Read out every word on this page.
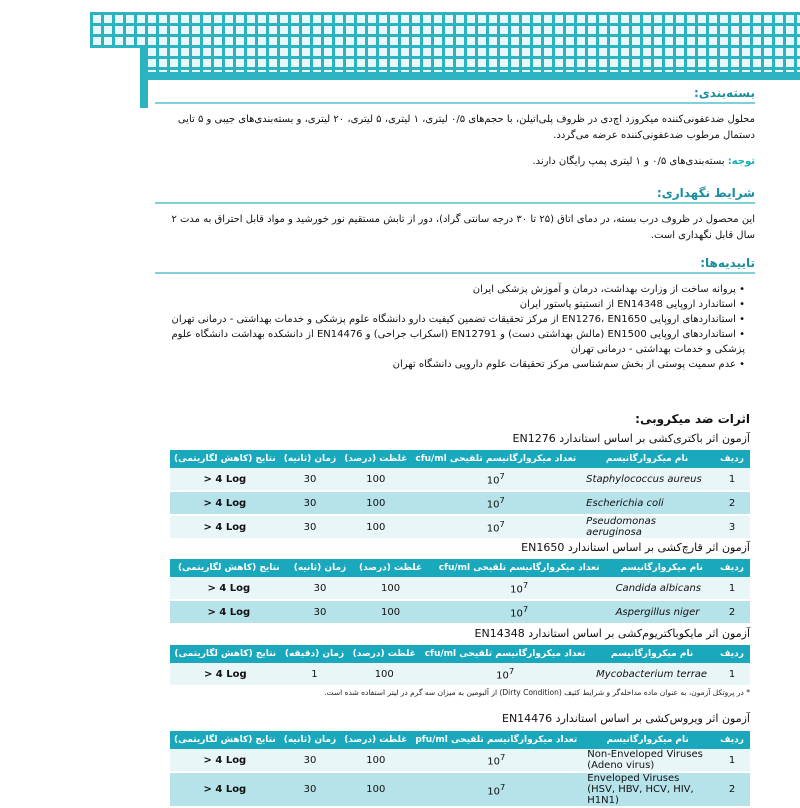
بسته‌بندی:
محلول ضدعفونی‌کننده میکروزد اچ‌دی در ظروف پلی‌اتیلن، با حجم‌های ۰/۵ لیتری، ۱ لیتری، ۵ لیتری، ۲۰ لیتری، و بسته‌بندی‌های جیبی و ۵ تایی دستمال مرطوب ضدعفونی‌کننده عرضه می‌گردد.
توجه: بسته‌بندی‌های ۰/۵ و ۱ لیتری پمپ رایگان دارند.
شرایط نگهداری:
این محصول در ظروف درب بسته، در دمای اتاق (۲۵ تا ۳۰ درجه سانتی گراد)، دور از تابش مستقیم نور خورشید و مواد قابل احتراق به مدت ۲ سال قابل نگهداری است.
تاییدیه‌ها:
• پروانه ساخت از وزارت بهداشت، درمان و آموزش پزشکی ایران
• استاندارد اروپایی EN14348 از انستیتو پاستور ایران
• استانداردهای اروپایی EN1276، EN1650 از مرکز تحقیقات تضمین کیفیت دارو دانشگاه علوم پزشکی و خدمات بهداشتی - درمانی تهران
• استانداردهای اروپایی EN1500 (مالش بهداشتی دست) و EN12791 (اسکراب جراحی) و EN14476 از دانشکده بهداشت دانشگاه علوم پزشکی و خدمات بهداشتی - درمانی تهران
• عدم سمیت پوستی از بخش سم‌شناسی مرکز تحقیقات علوم دارویی دانشگاه تهران
اثرات ضد میکروبی:
آزمون اثر باکتری‌کشی بر اساس استاندارد EN1276
ردیف	نام میکروارگانیسم	تعداد میکروارگانیسم تلقیحی cfu/ml	غلظت (درصد)	زمان (ثانیه)	نتایج (کاهش لگاریتمی)
1	Staphylococcus aureus	$10^7$	100	30	> 4 Log
2	Escherichia coli	$10^7$	100	30	> 4 Log
3	Pseudomonas aeruginosa	$10^7$	100	30	> 4 Log
آزمون اثر قارچ‌کشی بر اساس استاندارد EN1650
ردیف	نام میکروارگانیسم	تعداد میکروارگانیسم تلقیحی cfu/ml	غلظت (درصد)	زمان (ثانیه)	نتایج (کاهش لگاریتمی)
1	Candida albicans	$10^7$	100	30	> 4 Log
2	Aspergillus niger	$10^7$	100	30	> 4 Log
آزمون اثر مایکوباکتریوم‌کشی بر اساس استاندارد EN14348
ردیف	نام میکروارگانیسم	تعداد میکروارگانیسم تلقیحی cfu/ml	غلظت (درصد)	زمان (دقیقه)	نتایج (کاهش لگاریتمی)
1	Mycobacterium terrae	$10^7$	100	1	> 4 Log
* در پروتکل آزمون، به عنوان ماده مداخله‌گر و شرایط کثیف (Dirty Condition) از آلبومین به میزان سه گرم در لیتر استفاده شده است.
آزمون اثر ویروس‌کشی بر اساس استاندارد EN14476
ردیف	نام میکروارگانیسم	تعداد میکروارگانیسم تلقیحی pfu/ml	غلظت (درصد)	زمان (ثانیه)	نتایج (کاهش لگاریتمی)
1	Non-Enveloped Viruses (Adeno virus)	$10^7$	100	30	> 4 Log
2	Enveloped Viruses (HSV, HBV, HCV, HIV, H1N1)	$10^7$	100	30	> 4 Log
